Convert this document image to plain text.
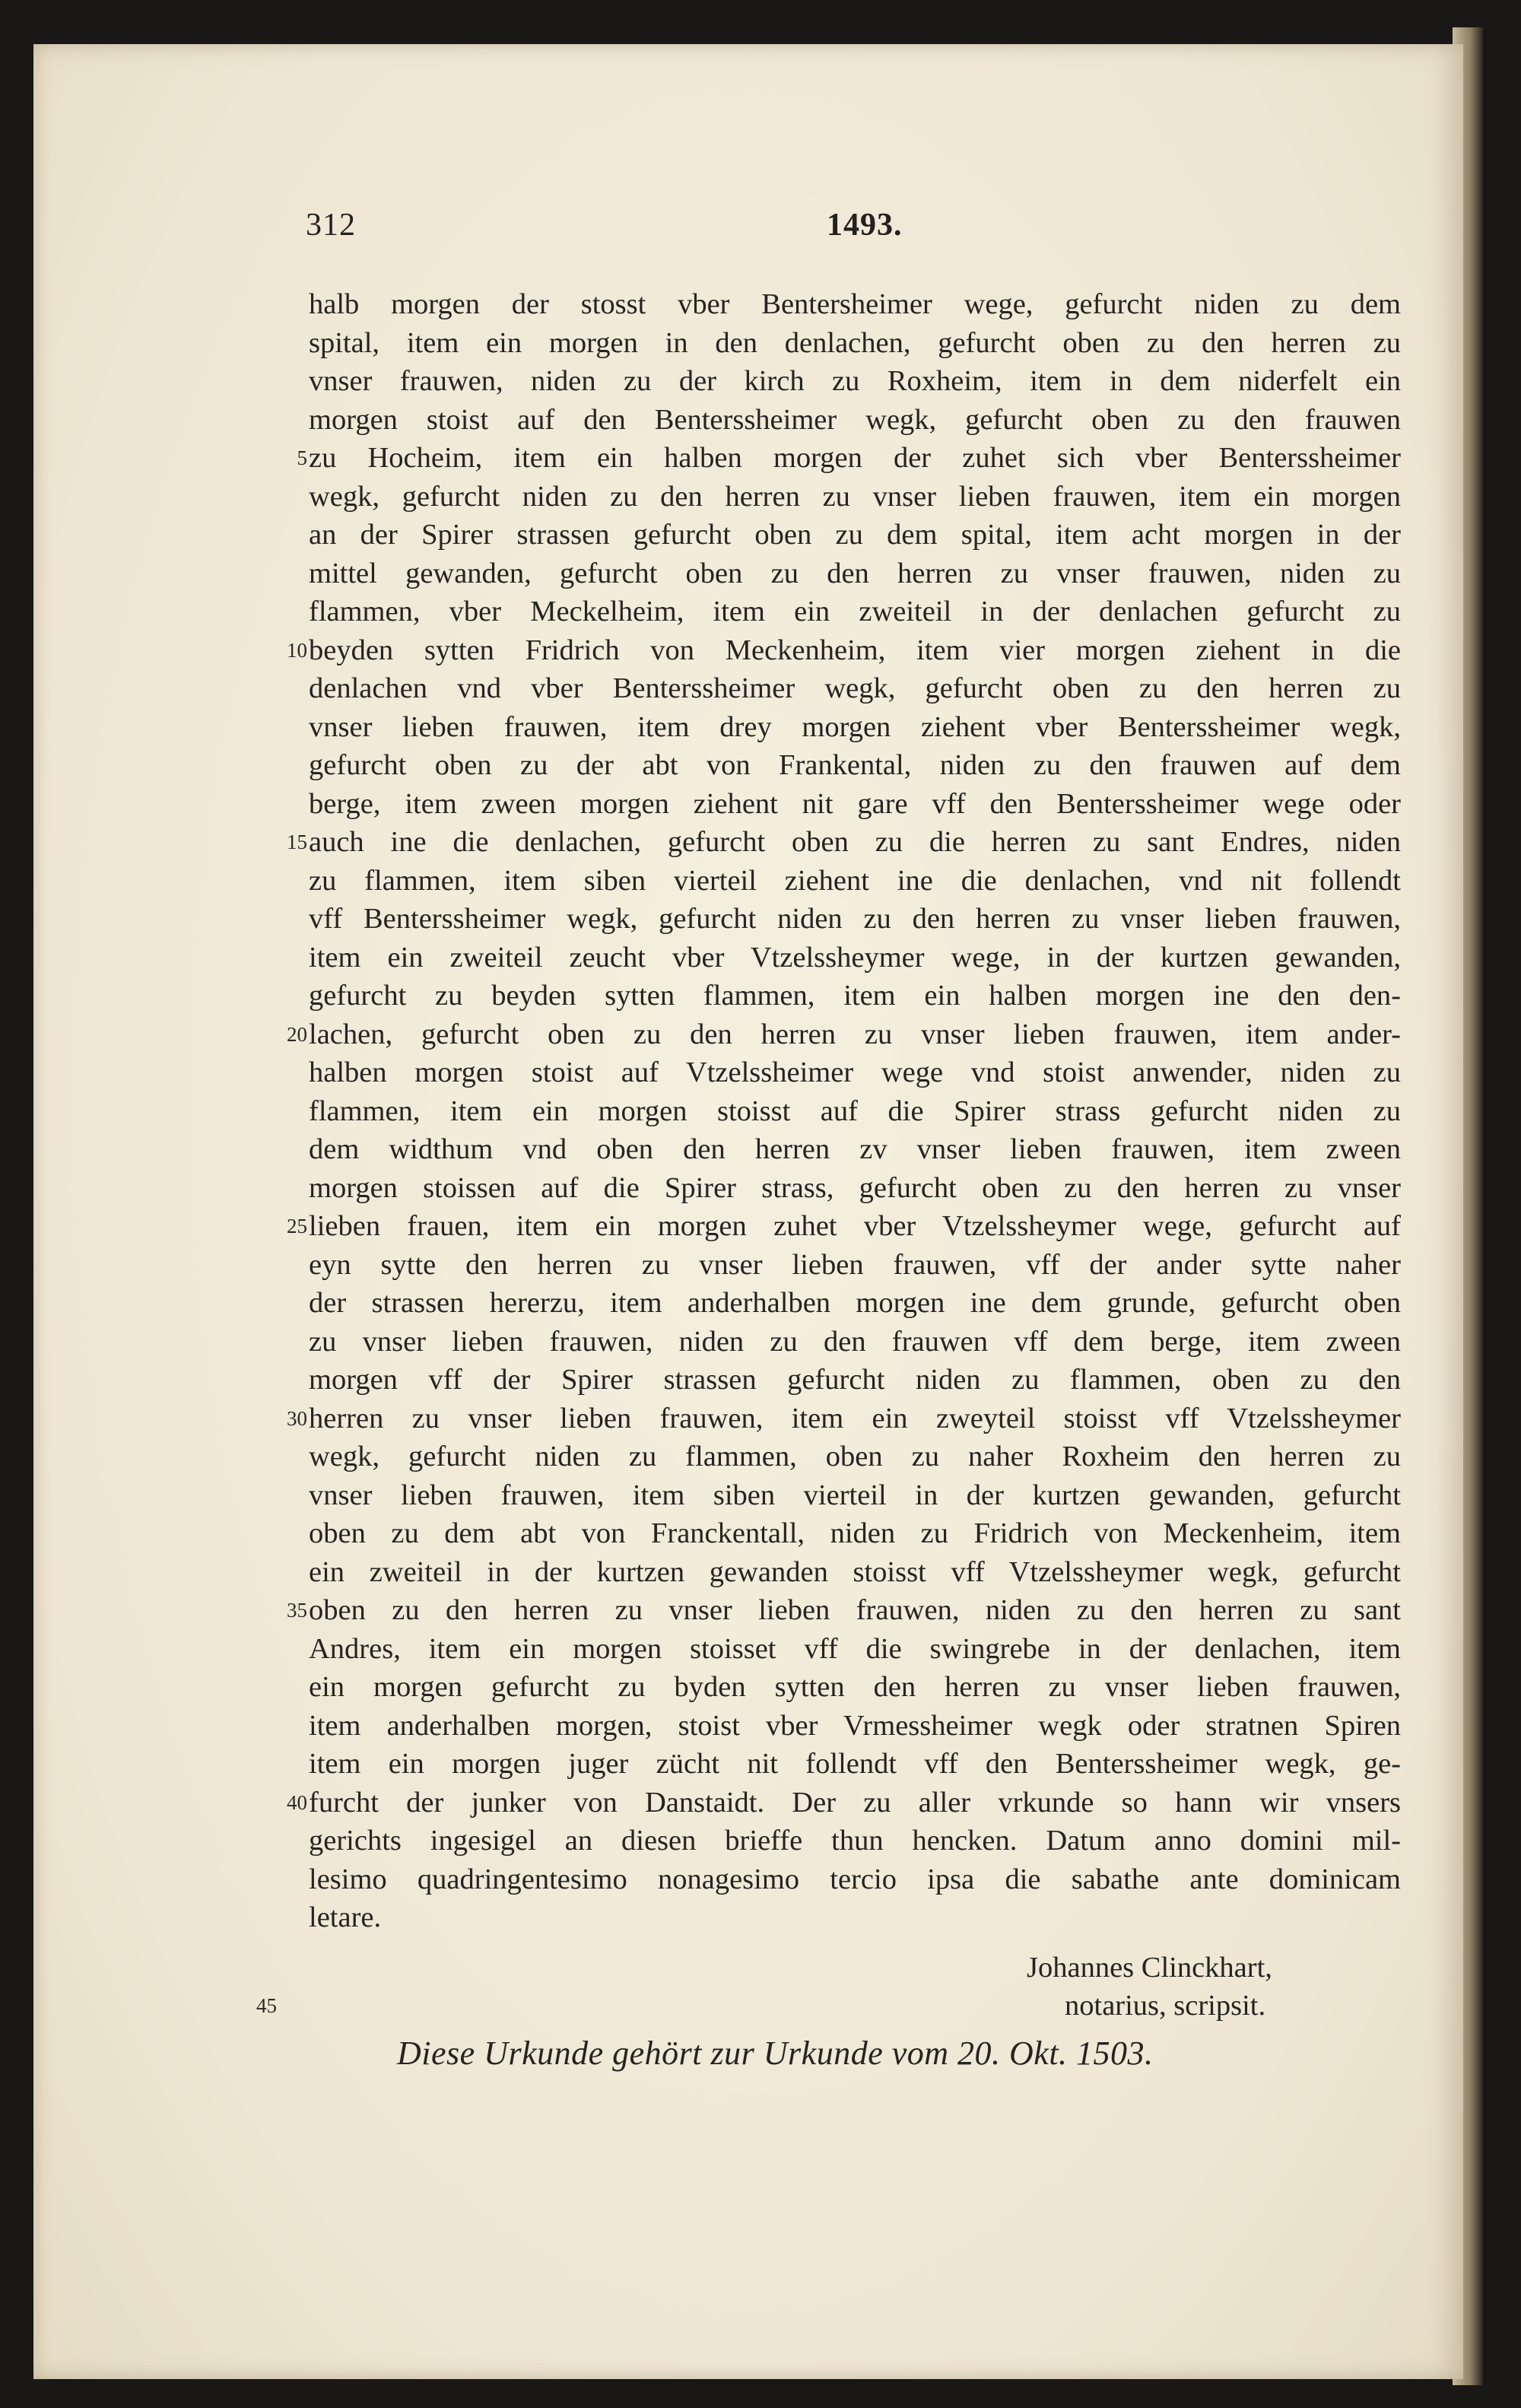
312	1493.
halb morgen der stosst vber Bentersheimer wege, gefurcht niden zu dem
spital, item ein morgen in den denlachen, gefurcht oben zu den herren zu
vnser frauwen, niden zu der kirch zu Roxheim, item in dem niderfelt ein
morgen stoist auf den Benterssheimer wegk, gefurcht oben zu den frauwen
zu Hocheim, item ein halben morgen der zuhet sich vber Benterssheimer
wegk, gefurcht niden zu den herren zu vnser lieben frauwen, item ein morgen
an der Spirer strassen gefurcht oben zu dem spital, item acht morgen in der
mittel gewanden, gefurcht oben zu den herren zu vnser frauwen, niden zu
flammen, vber Meckelheim, item ein zweiteil in der denlachen gefurcht zu
beyden sytten Fridrich von Meckenheim, item vier morgen ziehent in die
denlachen vnd vber Benterssheimer wegk, gefurcht oben zu den herren zu
vnser lieben frauwen, item drey morgen ziehent vber Benterssheimer wegk,
gefurcht oben zu der abt von Frankental, niden zu den frauwen auf dem
berge, item zween morgen ziehent nit gare vff den Benterssheimer wege oder
auch ine die denlachen, gefurcht oben zu die herren zu sant Endres, niden
zu flammen, item siben vierteil ziehent ine die denlachen, vnd nit follendt
vff Benterssheimer wegk, gefurcht niden zu den herren zu vnser lieben frauwen,
item ein zweiteil zeucht vber Vtzelssheymer wege, in der kurtzen gewanden,
gefurcht zu beyden sytten flammen, item ein halben morgen ine den den-
lachen, gefurcht oben zu den herren zu vnser lieben frauwen, item ander-
halben morgen stoist auf Vtzelssheimer wege vnd stoist anwender, niden zu
flammen, item ein morgen stoisst auf die Spirer strass gefurcht niden zu
dem widthum vnd oben den herren zv vnser lieben frauwen, item zween
morgen stoissen auf die Spirer strass, gefurcht oben zu den herren zu vnser
lieben frauen, item ein morgen zuhet vber Vtzelssheymer wege, gefurcht auf
eyn sytte den herren zu vnser lieben frauwen, vff der ander sytte naher
der strassen hererzu, item anderhalben morgen ine dem grunde, gefurcht oben
zu vnser lieben frauwen, niden zu den frauwen vff dem berge, item zween
morgen vff der Spirer strassen gefurcht niden zu flammen, oben zu den
herren zu vnser lieben frauwen, item ein zweyteil stoisst vff Vtzelssheymer
wegk, gefurcht niden zu flammen, oben zu naher Roxheim den herren zu
vnser lieben frauwen, item siben vierteil in der kurtzen gewanden, gefurcht
oben zu dem abt von Franckentall, niden zu Fridrich von Meckenheim, item
ein zweiteil in der kurtzen gewanden stoisst vff Vtzelssheymer wegk, gefurcht
oben zu den herren zu vnser lieben frauwen, niden zu den herren zu sant
Andres, item ein morgen stoisset vff die swingrebe in der denlachen, item
ein morgen gefurcht zu byden sytten den herren zu vnser lieben frauwen,
item anderhalben morgen, stoist vber Vrmessheimer wegk oder stratnen Spiren
item ein morgen juger zücht nit follendt vff den Benterssheimer wegk, ge-
furcht der junker von Danstaidt. Der zu aller vrkunde so hann wir vnsers
gerichts ingesigel an diesen brieffe thun hencken. Datum anno domini mil-
lesimo quadringentesimo nonagesimo tercio ipsa die sabathe ante dominicam
letare.
5
10
15
20
25
30
35
40
45
Johannes Clinckhart,
notarius, scripsit.
Diese Urkunde gehört zur Urkunde vom 20. Okt. 1503.
